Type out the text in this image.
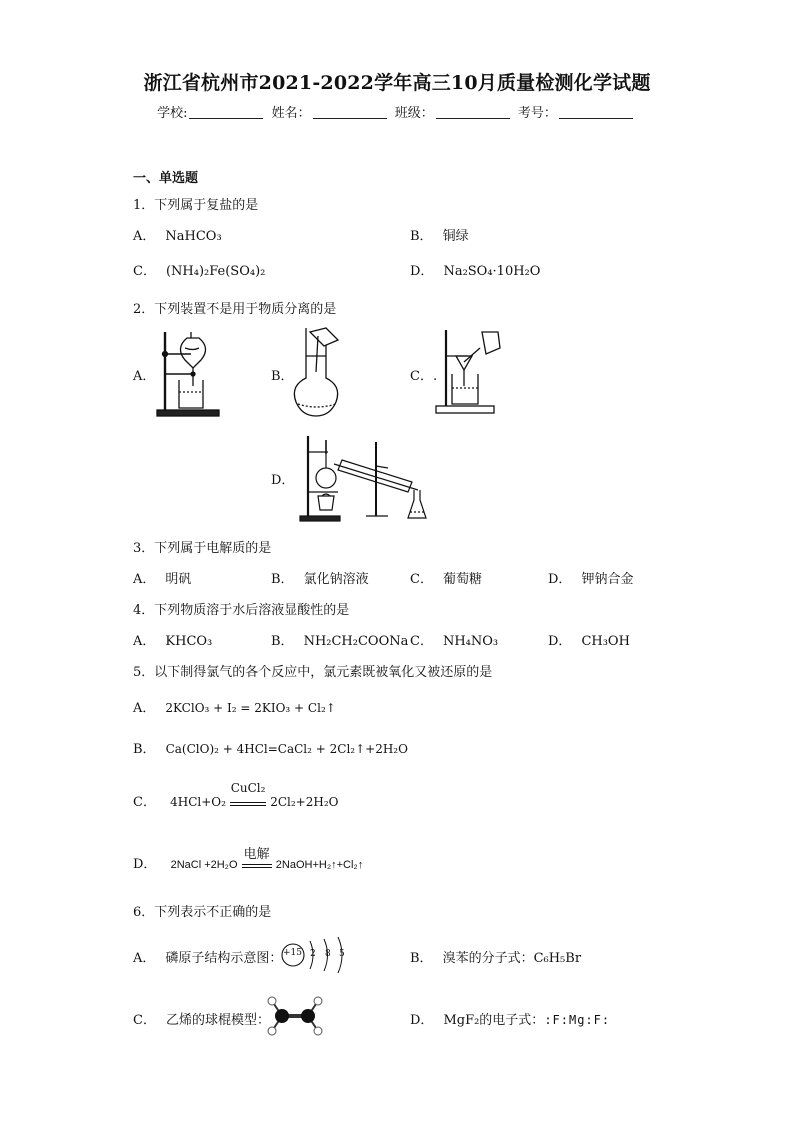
浙江省杭州市2021-2022学年高三10月质量检测化学试题
学校:	姓名：	班级：	考号：
一、单选题
1．下列属于复盐的是
A． NaHCO₃	B． 铜绿
C． (NH₄)₂Fe(SO₄)₂	D． Na₂SO₄·10H₂O
2．下列装置不是用于物质分离的是
A．	B．	C．.
D．
3．下列属于电解质的是
A． 明矾	B． 氯化钠溶液	C． 葡萄糖	D． 钾钠合金
4．下列物质溶于水后溶液显酸性的是
A． KHCO₃	B． NH₂CH₂COONa C． NH₄NO₃	D． CH₃OH
5．以下制得氯气的各个反应中，氯元素既被氧化又被还原的是
A． 2KClO₃ + I₂ = 2KIO₃ + Cl₂↑
B． Ca(ClO)₂ + 4HCl=CaCl₂ + 2Cl₂↑+2H₂O
C． 4HCl+O₂
CuCl₂
2Cl₂+2H₂O
D． 2NaCl +2H₂O
电解
2NaOH+H₂↑+Cl₂↑
6．下列表示不正确的是
A． 磷原子结构示意图： +15 2 8 5	B． 溴苯的分子式：C₆H₅Br
C． 乙烯的球棍模型：	D． MgF₂的电子式：:F:Mg:F:
